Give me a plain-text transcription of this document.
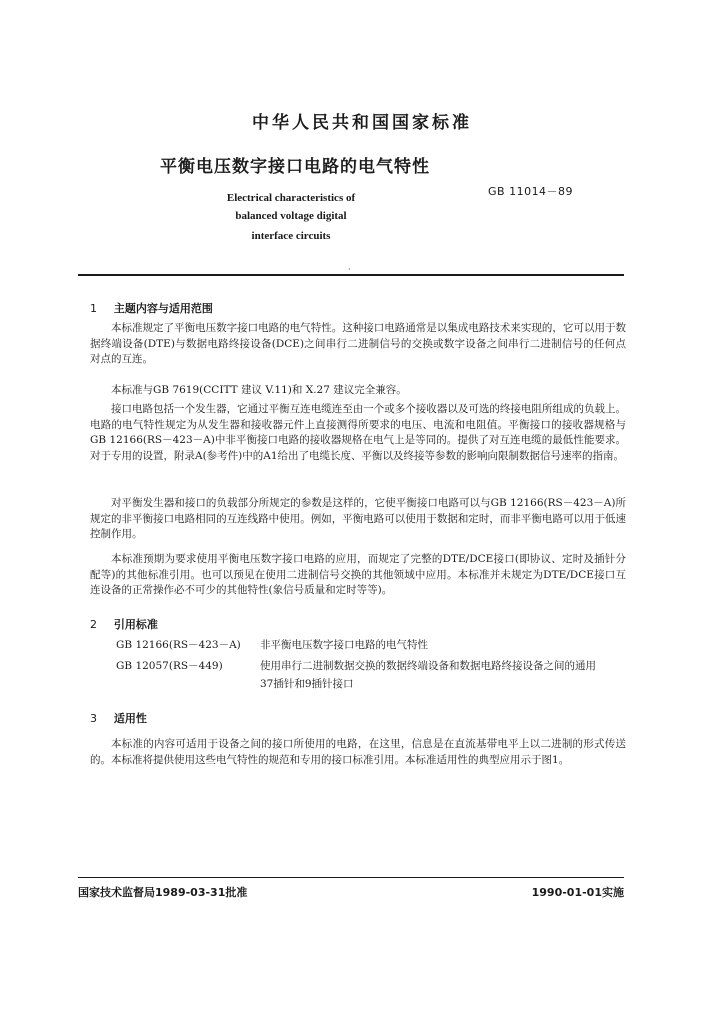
中华人民共和国国家标准
平衡电压数字接口电路的电气特性
GB 11014－89
Electrical characteristics of
balanced voltage digital
interface circuits
·
1 主题内容与适用范围

本标准规定了平衡电压数字接口电路的电气特性。这种接口电路通常是以集成电路技术来实现的，它可以用于数据终端设备(DTE)与数据电路终接设备(DCE)之间串行二进制信号的交换或数字设备之间串行二进制信号的任何点对点的互连。

本标准与GB 7619(CCITT 建议 V.11)和 X.27 建议完全兼容。

接口电路包括一个发生器，它通过平衡互连电缆连至由一个或多个接收器以及可选的终接电阻所组成的负载上。电路的电气特性规定为从发生器和接收器元件上直接测得所要求的电压、电流和电阻值。平衡接口的接收器规格与GB 12166(RS－423－A)中非平衡接口电路的接收器规格在电气上是等同的。提供了对互连电缆的最低性能要求。对于专用的设置，附录A(参考件)中的A1给出了电缆长度、平衡以及终接等参数的影响向限制数据信号速率的指南。

对平衡发生器和接口的负载部分所规定的参数是这样的，它使平衡接口电路可以与GB 12166(RS－423－A)所规定的非平衡接口电路相同的互连线路中使用。例如，平衡电路可以使用于数据和定时，而非平衡电路可以用于低速控制作用。

本标准预期为要求使用平衡电压数字接口电路的应用，而规定了完整的DTE/DCE接口(即协议、定时及插针分配等)的其他标准引用。也可以预见在使用二进制信号交换的其他领域中应用。本标准并未规定为DTE/DCE接口互连设备的正常操作必不可少的其他特性(象信号质量和定时等等)。

2 引用标准
GB 12166(RS－423－A) 非平衡电压数字接口电路的电气特性
GB 12057(RS－449)	使用串行二进制数据交换的数据终端设备和数据电路终接设备之间的通用
37插针和9插针接口
3 适用性

本标准的内容可适用于设备之间的接口所使用的电路，在这里，信息是在直流基带电平上以二进制的形式传送的。本标准将提供使用这些电气特性的规范和专用的接口标准引用。本标准适用性的典型应用示于图1。

国家技术监督局1989-03-31批准	1990-01-01实施
